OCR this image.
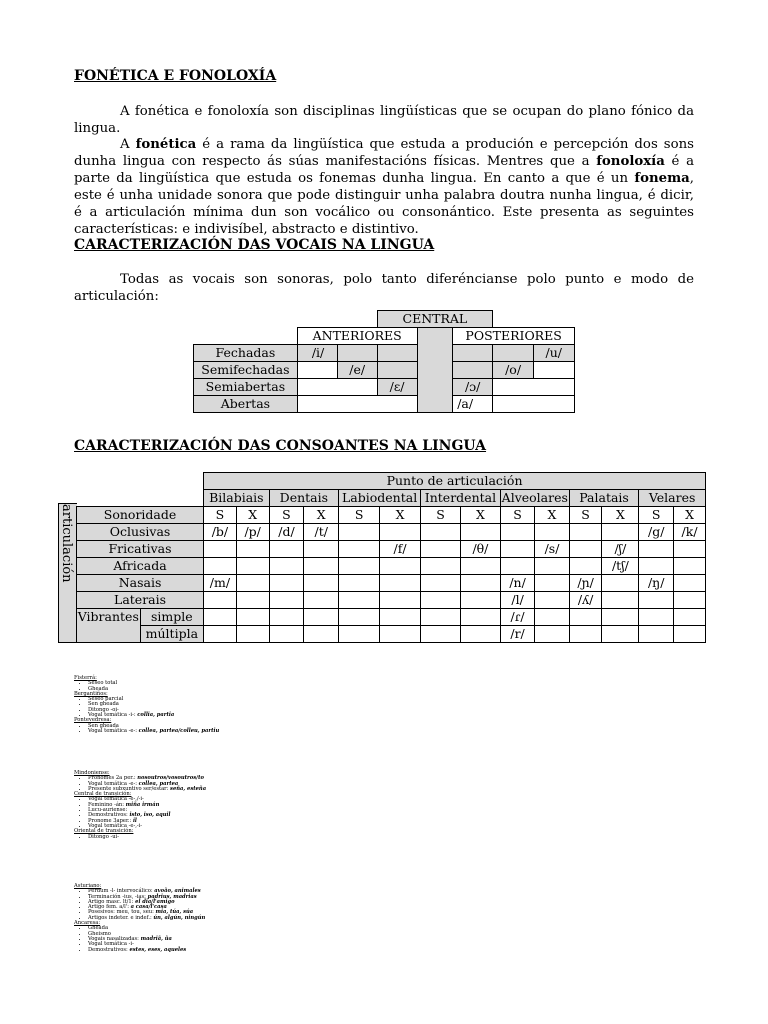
FONÉTICA E FONOLOXÍA
A fonética e fonoloxía son disciplinas lingüísticas que se ocupan do plano fónico da lingua.
A fonética é a rama da lingüística que estuda a produción e percepción dos sons dunha lingua con respecto ás súas manifestacións físicas. Mentres que a fonoloxía é a parte da lingüística que estuda os fonemas dunha lingua. En canto a que é un fonema, este é unha unidade sonora que pode distinguir unha palabra doutra nunha lingua, é dicir, é a articulación mínima dun son vocálico ou consonántico. Este presenta as seguintes características: e indivisíbel, abstracto e distintivo.
CARACTERIZACIÓN DAS VOCAIS NA LINGUA
Todas as vocais son sonoras, polo tanto diferéncianse polo punto e modo de articulación:
			CENTRAL				
	ANTERIORES				POSTERIORES		
Fechadas	/i/						/u/
Semifechadas		/e/				/o/	
Semiabertas			/ɛ/		/ɔ/		
Abertas					/a/		
CARACTERIZACIÓN DAS CONSOANTES NA LINGUA
articulación
		Punto de articulación													
		Bilabiais		Dentais		Labiodental		Interdental		Alveolares		Palatais		Velares	
Sonoridade		S	X	S	X	S	X	S	X	S	X	S	X	S	X
Oclusivas		/b/	/p/	/d/	/t/									/g/	/k/
Fricativas							/f/		/θ/		/s/		/ʃ/		
Africada													/tʃ/		
Nasais		/m/								/n/		/ɲ/		/ŋ/	
Laterais										/l/		/ʎ/			
Vibrantes	simple									/ɾ/					
	múltipla									/r/					
Fisterrá:
• Seseo total
• Gheada
Bergantiños:
• Seseo parcial
• Sen gheada
• Ditongo -oi-
• Vogal temática -i-: collia, partia
Pontevedresa:
• Sen gheada
• Vogal temática -e-: collea, partea/colleu, partiu
Mindoniense:
• Pronomes 2a per.: nosoutros/vosoutros/to
• Vogal temática -e-: collea, partea
• Presente subxuntivo ser/estar: seña, esteña
Central de transición:
• Vogal temática -e-,/-i-
• Feminino -án: miña irmán
• Lucu-auriense:
• Demostrativos: isto, iso, aquil
• Pronome 3aper.: il
• Vogal temática -e-,-i-
Oriental de transición:
• Ditongo -ui-
Asturiano:
• Perdum -l- intervocálico: avoão, animales
• Terminación -ius, -ias: padrius, madrias
• Artigo masc. lt/1: el dia/l'amigo
• Artigo fem. a/l': a casa/l'casa
• Posesivos: meu, tou, seu: mia, túa, súa
• Artigos indeter. e indef.: ún, algún, ningún
Ancaresa:
• Gheada
• Gheismo
• Vogais nasalizadas: madriã, ũa
• Vogal temática -i-
• Demostrativos: estes, eses, aqueles
